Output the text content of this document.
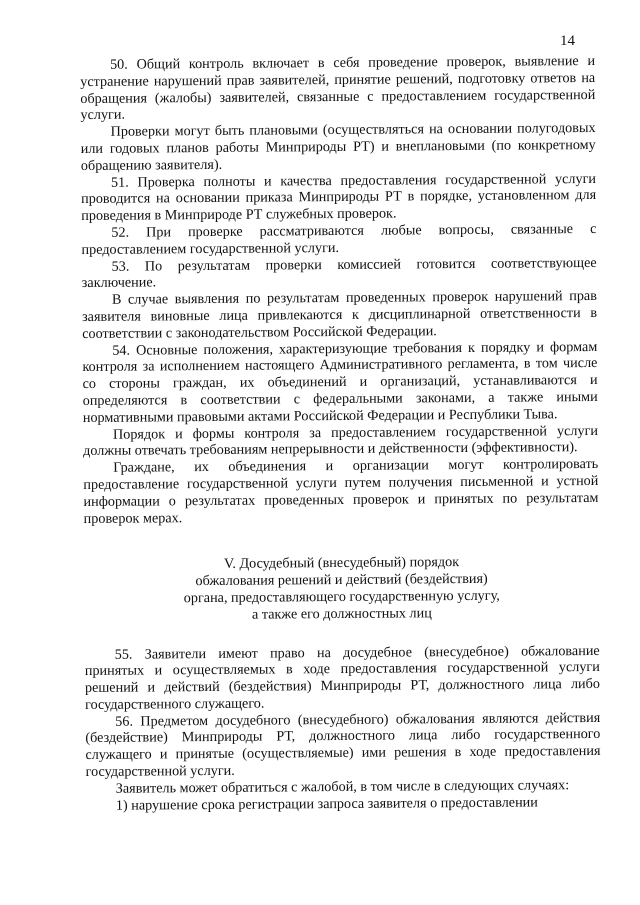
14

50. Общий контроль включает в себя проведение проверок, выявление и устранение нарушений прав заявителей, принятие решений, подготовку ответов на обращения (жалобы) заявителей, связанные с предоставлением государственной услуги.

Проверки могут быть плановыми (осуществляться на основании полугодовых или годовых планов работы Минприроды РТ) и внеплановыми (по конкретному обращению заявителя).

51. Проверка полноты и качества предоставления государственной услуги проводится на основании приказа Минприроды РТ в порядке, установленном для проведения в Минприроде РТ служебных проверок.

52. При проверке рассматриваются любые вопросы, связанные с предоставлением государственной услуги.

53. По результатам проверки комиссией готовится соответствующее заключение.

В случае выявления по результатам проведенных проверок нарушений прав заявителя виновные лица привлекаются к дисциплинарной ответственности в соответствии с законодательством Российской Федерации.

54. Основные положения, характеризующие требования к порядку и формам контроля за исполнением настоящего Административного регламента, в том числе со стороны граждан, их объединений и организаций, устанавливаются и определяются в соответствии с федеральными законами, а также иными нормативными правовыми актами Российской Федерации и Республики Тыва.

Порядок и формы контроля за предоставлением государственной услуги должны отвечать требованиям непрерывности и действенности (эффективности).

Граждане, их объединения и организации могут контролировать предоставление государственной услуги путем получения письменной и устной информации о результатах проведенных проверок и принятых по результатам проверок мерах.

V. Досудебный (внесудебный) порядок
обжалования решений и действий (бездействия)
органа, предоставляющего государственную услугу,
а также его должностных лиц

55. Заявители имеют право на досудебное (внесудебное) обжалование принятых и осуществляемых в ходе предоставления государственной услуги решений и действий (бездействия) Минприроды РТ, должностного лица либо государственного служащего.

56. Предметом досудебного (внесудебного) обжалования являются действия (бездействие) Минприроды РТ, должностного лица либо государственного служащего и принятые (осуществляемые) ими решения в ходе предоставления государственной услуги.

Заявитель может обратиться с жалобой, в том числе в следующих случаях:

1) нарушение срока регистрации запроса заявителя о предоставлении
